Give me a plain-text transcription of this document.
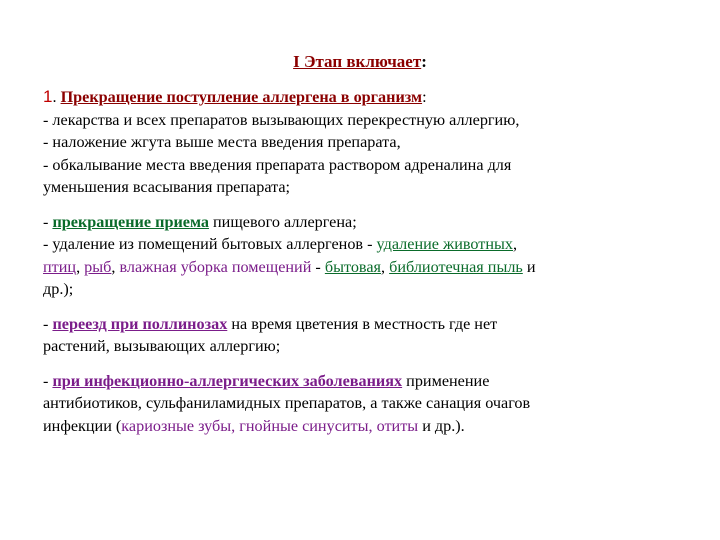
I Этап включает:
1. Прекращение поступление аллергена в организм:
- лекарства и всех препаратов вызывающих перекрестную аллергию,
- наложение жгута выше места введения препарата,
- обкалывание места введения препарата раствором адреналина для
уменьшения всасывания препарата;
- прекращение приема пищевого аллергена;
- удаление из помещений бытовых аллергенов - удаление животных,
птиц, рыб, влажная уборка помещений - бытовая, библиотечная пыль и
др.);
- переезд при поллинозах на время цветения в местность где нет
растений, вызывающих аллергию;
- при инфекционно-аллергических заболеваниях применение
антибиотиков, сульфаниламидных препаратов, а также санация очагов
инфекции (кариозные зубы, гнойные синуситы, отиты и др.).
